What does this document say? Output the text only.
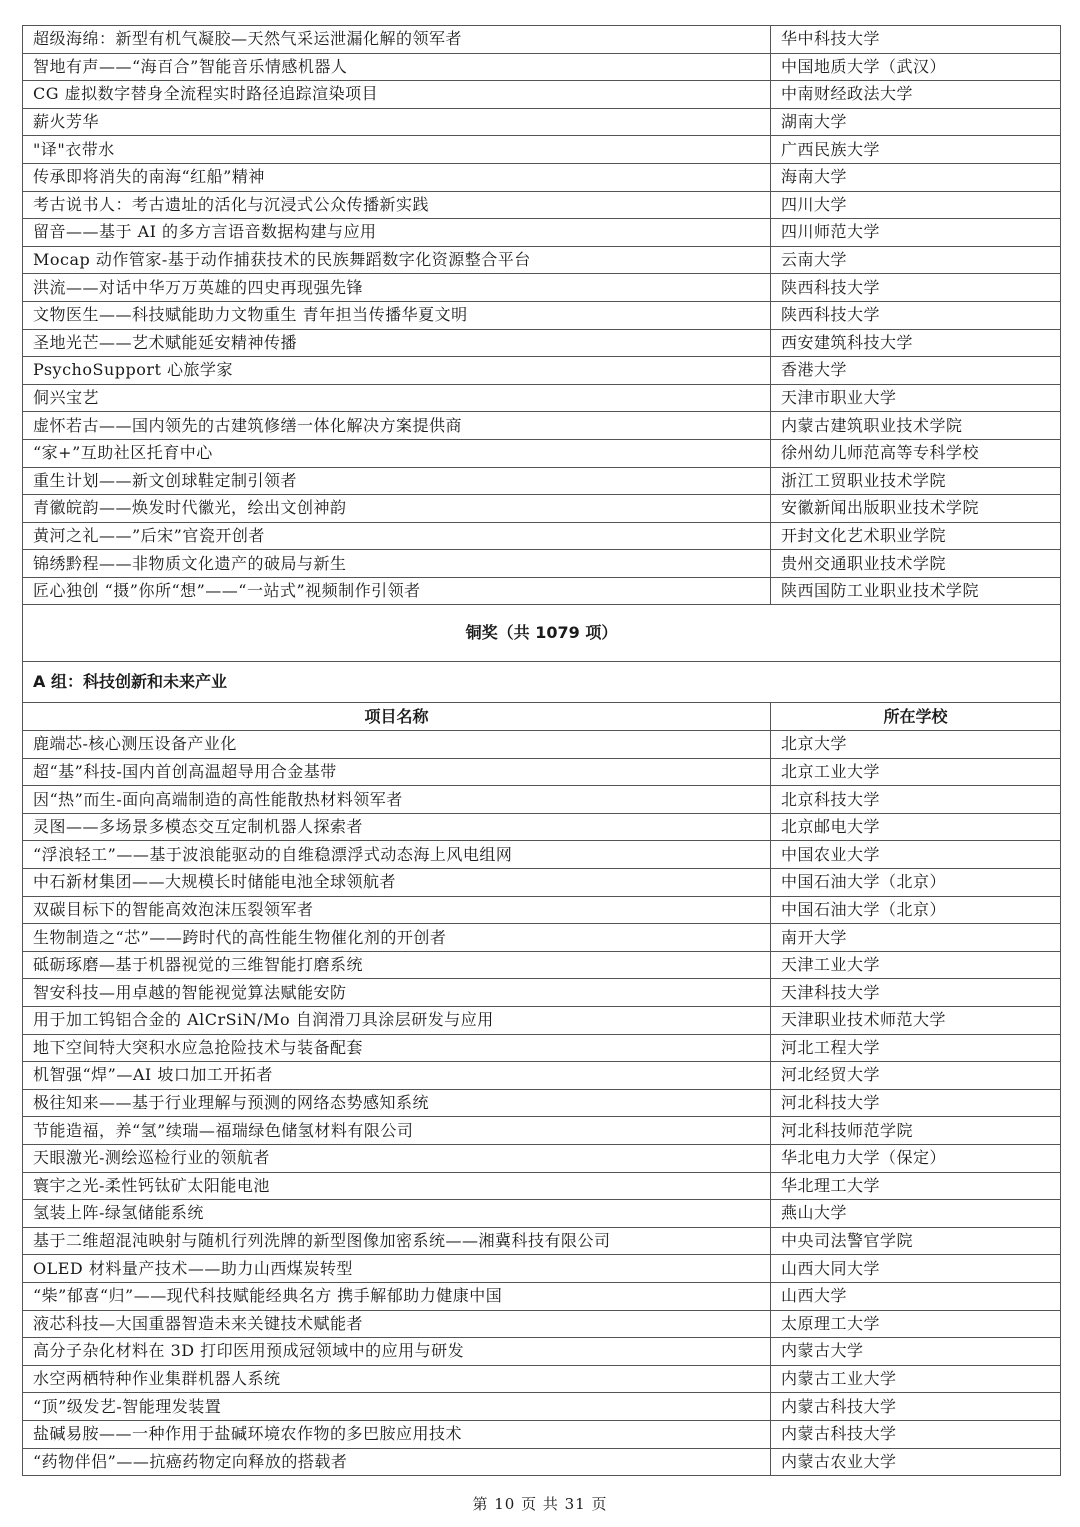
超级海绵：新型有机气凝胶—天然气采运泄漏化解的领军者	华中科技大学
智地有声——“海百合”智能音乐情感机器人	中国地质大学（武汉）
CG 虚拟数字替身全流程实时路径追踪渲染项目	中南财经政法大学
薪火芳华	湖南大学
"译"衣带水	广西民族大学
传承即将消失的南海“红船”精神	海南大学
考古说书人：考古遗址的活化与沉浸式公众传播新实践	四川大学
留音——基于 AI 的多方言语音数据构建与应用	四川师范大学
Mocap 动作管家-基于动作捕获技术的民族舞蹈数字化资源整合平台	云南大学
洪流——对话中华万万英雄的四史再现强先锋	陕西科技大学
文物医生——科技赋能助力文物重生 青年担当传播华夏文明	陕西科技大学
圣地光芒——艺术赋能延安精神传播	西安建筑科技大学
PsychoSupport 心旅学家	香港大学
侗兴宝艺	天津市职业大学
虚怀若古——国内领先的古建筑修缮一体化解决方案提供商	内蒙古建筑职业技术学院
“家+”互助社区托育中心	徐州幼儿师范高等专科学校
重生计划——新文创球鞋定制引领者	浙江工贸职业技术学院
青徽皖韵——焕发时代徽光，绘出文创神韵	安徽新闻出版职业技术学院
黄河之礼——”后宋”官瓷开创者	开封文化艺术职业学院
锦绣黔程——非物质文化遗产的破局与新生	贵州交通职业技术学院
匠心独创 “摄”你所“想”——“一站式”视频制作引领者	陕西国防工业职业技术学院
铜奖（共 1079 项）	
A 组：科技创新和未来产业	
项目名称	所在学校
鹿端芯-核心测压设备产业化	北京大学
超“基”科技-国内首创高温超导用合金基带	北京工业大学
因“热”而生-面向高端制造的高性能散热材料领军者	北京科技大学
灵图——多场景多模态交互定制机器人探索者	北京邮电大学
“浮浪轻工”——基于波浪能驱动的自维稳漂浮式动态海上风电组网	中国农业大学
中石新材集团——大规模长时储能电池全球领航者	中国石油大学（北京）
双碳目标下的智能高效泡沫压裂领军者	中国石油大学（北京）
生物制造之“芯”——跨时代的高性能生物催化剂的开创者	南开大学
砥砺琢磨—基于机器视觉的三维智能打磨系统	天津工业大学
智安科技—用卓越的智能视觉算法赋能安防	天津科技大学
用于加工钨铝合金的 AlCrSiN/Mo 自润滑刀具涂层研发与应用	天津职业技术师范大学
地下空间特大突积水应急抢险技术与装备配套	河北工程大学
机智强“焊”—AI 坡口加工开拓者	河北经贸大学
极往知来——基于行业理解与预测的网络态势感知系统	河北科技大学
节能造福，养“氢”续瑞—福瑞绿色储氢材料有限公司	河北科技师范学院
天眼激光-测绘巡检行业的领航者	华北电力大学（保定）
寰宇之光-柔性钙钛矿太阳能电池	华北理工大学
氢装上阵-绿氢储能系统	燕山大学
基于二维超混沌映射与随机行列洗牌的新型图像加密系统——湘冀科技有限公司	中央司法警官学院
OLED 材料量产技术——助力山西煤炭转型	山西大同大学
“柴”郁喜“归”——现代科技赋能经典名方 携手解郁助力健康中国	山西大学
液芯科技—大国重器智造未来关键技术赋能者	太原理工大学
高分子杂化材料在 3D 打印医用预成冠领域中的应用与研发	内蒙古大学
水空两栖特种作业集群机器人系统	内蒙古工业大学
“顶”级发艺-智能理发装置	内蒙古科技大学
盐碱易胺——一种作用于盐碱环境农作物的多巴胺应用技术	内蒙古科技大学
“药物伴侣”——抗癌药物定向释放的搭载者	内蒙古农业大学
第 10 页 共 31 页
